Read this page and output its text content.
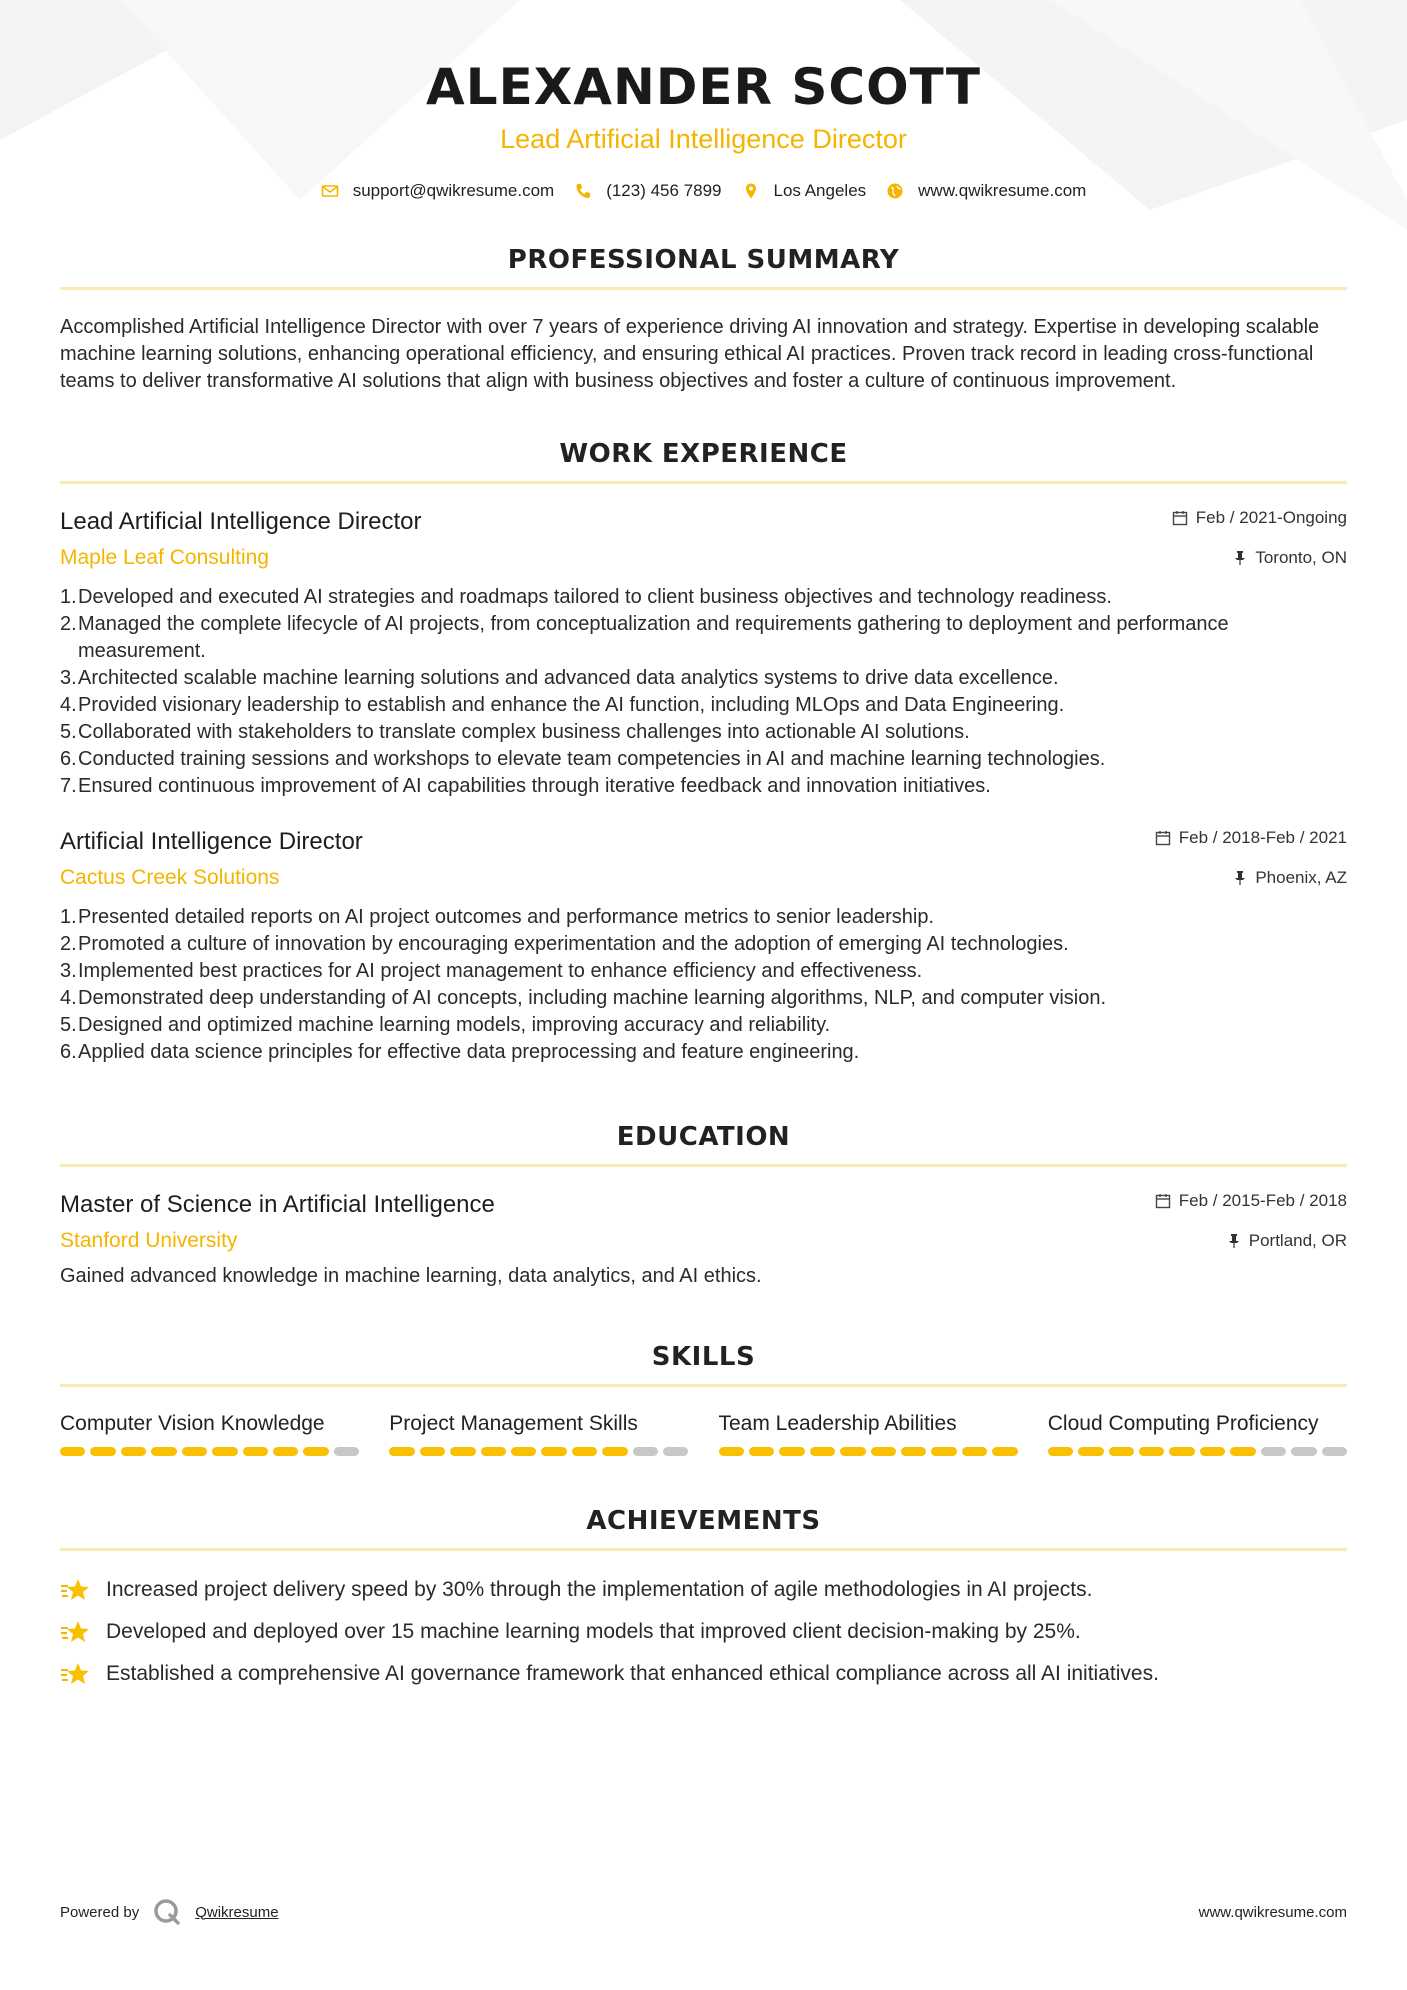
ALEXANDER SCOTT
Lead Artificial Intelligence Director
support@qwikresume.com	(123) 456 7899	Los Angeles	www.qwikresume.com
PROFESSIONAL SUMMARY

Accomplished Artificial Intelligence Director with over 7 years of experience driving AI innovation and strategy. Expertise in developing scalable machine learning solutions, enhancing operational efficiency, and ensuring ethical AI practices. Proven track record in leading cross-functional teams to deliver transformative AI solutions that align with business objectives and foster a culture of continuous improvement.

WORK EXPERIENCE
Lead Artificial Intelligence Director	Feb / 2021-Ongoing
Maple Leaf Consulting	Toronto, ON
1. Developed and executed AI strategies and roadmaps tailored to client business objectives and technology readiness.
2. Managed the complete lifecycle of AI projects, from conceptualization and requirements gathering to deployment and performance measurement.
3. Architected scalable machine learning solutions and advanced data analytics systems to drive data excellence.
4. Provided visionary leadership to establish and enhance the AI function, including MLOps and Data Engineering.
5. Collaborated with stakeholders to translate complex business challenges into actionable AI solutions.
6. Conducted training sessions and workshops to elevate team competencies in AI and machine learning technologies.
7. Ensured continuous improvement of AI capabilities through iterative feedback and innovation initiatives.
Artificial Intelligence Director	Feb / 2018-Feb / 2021
Cactus Creek Solutions	Phoenix, AZ
1. Presented detailed reports on AI project outcomes and performance metrics to senior leadership.
2. Promoted a culture of innovation by encouraging experimentation and the adoption of emerging AI technologies.
3. Implemented best practices for AI project management to enhance efficiency and effectiveness.
4. Demonstrated deep understanding of AI concepts, including machine learning algorithms, NLP, and computer vision.
5. Designed and optimized machine learning models, improving accuracy and reliability.
6. Applied data science principles for effective data preprocessing and feature engineering.
EDUCATION
Master of Science in Artificial Intelligence	Feb / 2015-Feb / 2018
Stanford University	Portland, OR

Gained advanced knowledge in machine learning, data analytics, and AI ethics.

SKILLS
Computer Vision Knowledge	Project Management Skills	Team Leadership Abilities	Cloud Computing Proficiency
ACHIEVEMENTS
Increased project delivery speed by 30% through the implementation of agile methodologies in AI projects.
Developed and deployed over 15 machine learning models that improved client decision-making by 25%.
Established a comprehensive AI governance framework that enhanced ethical compliance across all AI initiatives.
Powered by	Qwikresume	www.qwikresume.com
